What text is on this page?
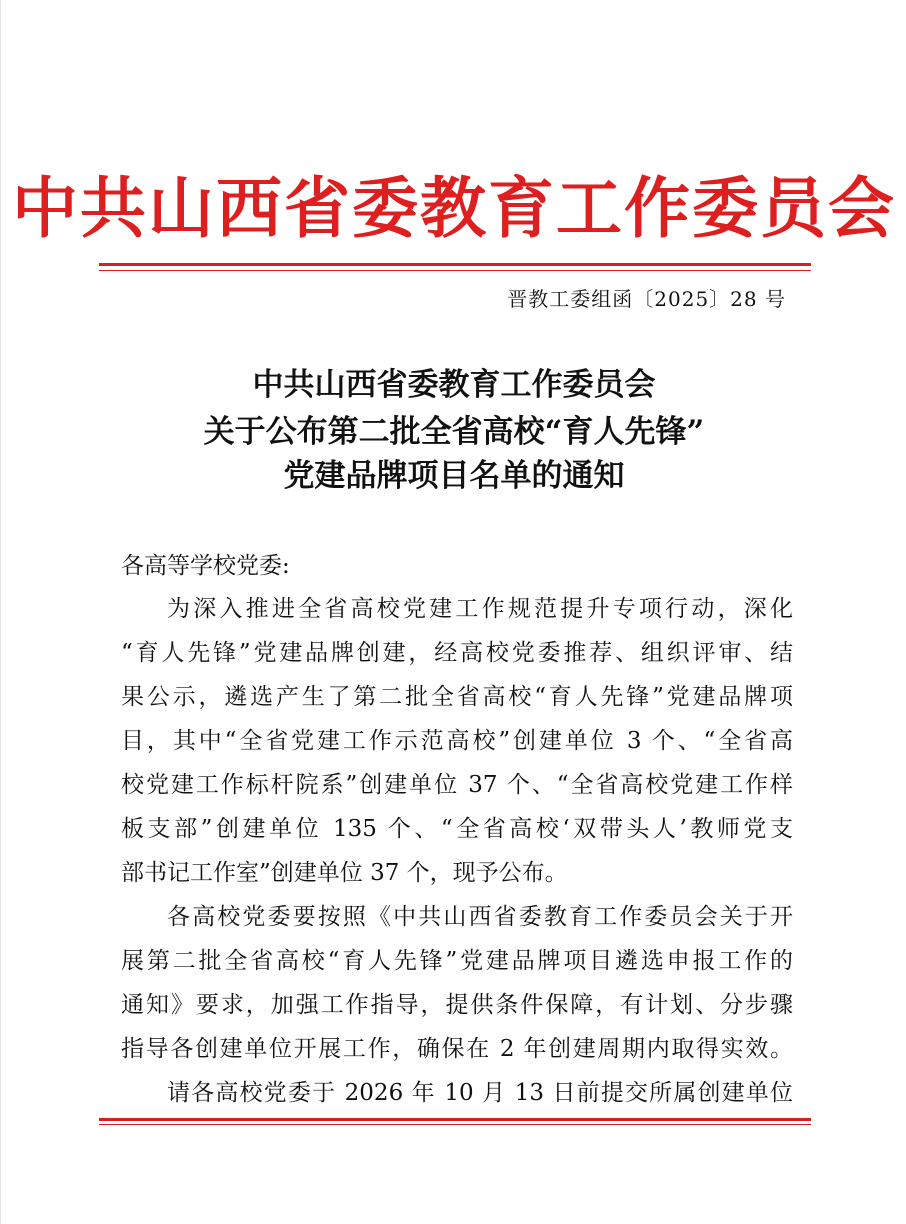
中共山西省委教育工作委员会
晋教工委组函〔2025〕28 号
中共山西省委教育工作委员会
关于公布第二批全省高校“育人先锋”
党建品牌项目名单的通知
各高等学校党委:
为深入推进全省高校党建工作规范提升专项行动，深化
“育人先锋”党建品牌创建，经高校党委推荐、组织评审、结
果公示，遴选产生了第二批全省高校“育人先锋”党建品牌项
目，其中“全省党建工作示范高校”创建单位 3 个、“全省高
校党建工作标杆院系”创建单位 37 个、“全省高校党建工作样
板支部”创建单位 135 个、“全省高校‘双带头人’教师党支
部书记工作室”创建单位 37 个，现予公布。
各高校党委要按照《中共山西省委教育工作委员会关于开
展第二批全省高校“育人先锋”党建品牌项目遴选申报工作的
通知》要求，加强工作指导，提供条件保障，有计划、分步骤
指导各创建单位开展工作，确保在 2 年创建周期内取得实效。
请各高校党委于 2026 年 10 月 13 日前提交所属创建单位
